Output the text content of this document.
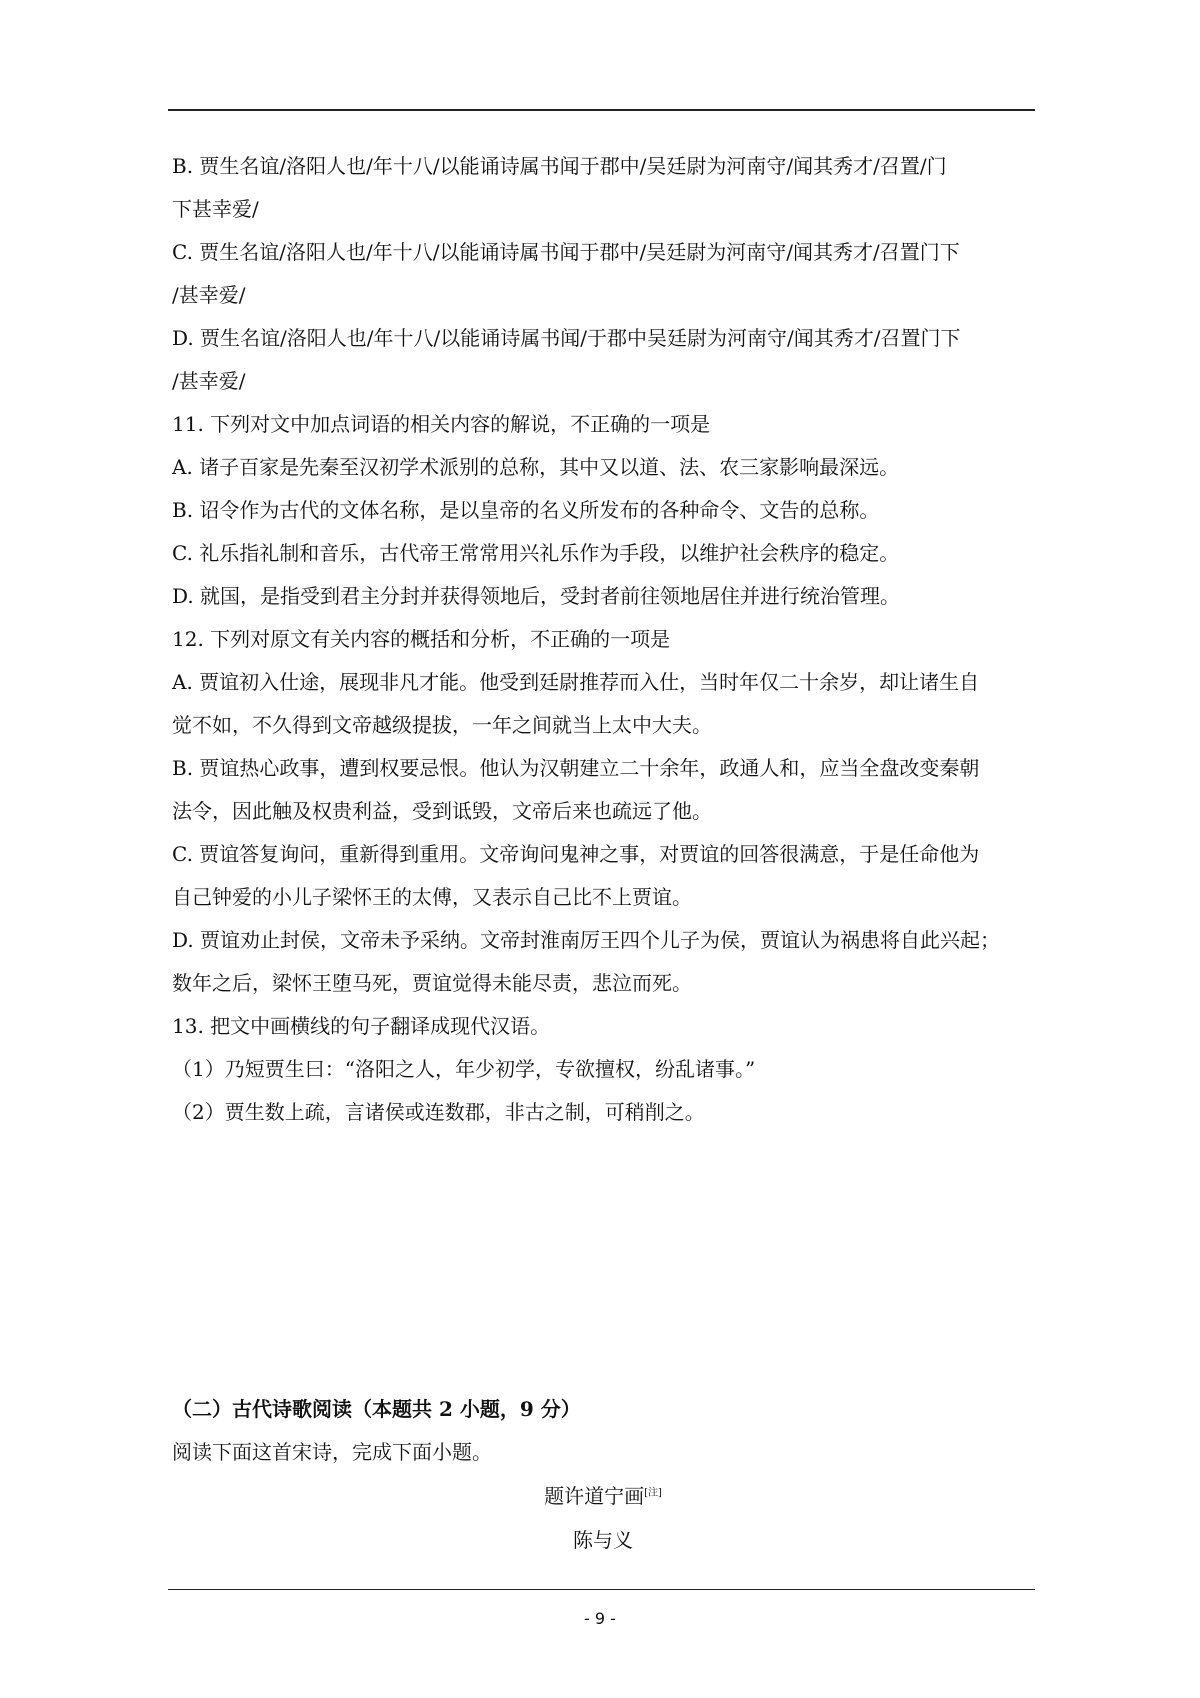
B. 贾生名谊/洛阳人也/年十八/以能诵诗属书闻于郡中/吴廷尉为河南守/闻其秀才/召置/门
下甚幸爱/
C. 贾生名谊/洛阳人也/年十八/以能诵诗属书闻于郡中/吴廷尉为河南守/闻其秀才/召置门下
/甚幸爱/
D. 贾生名谊/洛阳人也/年十八/以能诵诗属书闻/于郡中吴廷尉为河南守/闻其秀才/召置门下
/甚幸爱/
11. 下列对文中加点词语的相关内容的解说，不正确的一项是
A. 诸子百家是先秦至汉初学术派别的总称，其中又以道、法、农三家影响最深远。
B. 诏令作为古代的文体名称，是以皇帝的名义所发布的各种命令、文告的总称。
C. 礼乐指礼制和音乐，古代帝王常常用兴礼乐作为手段，以维护社会秩序的稳定。
D. 就国，是指受到君主分封并获得领地后，受封者前往领地居住并进行统治管理。
12. 下列对原文有关内容的概括和分析，不正确的一项是
A. 贾谊初入仕途，展现非凡才能。他受到廷尉推荐而入仕，当时年仅二十余岁，却让诸生自
觉不如，不久得到文帝越级提拔，一年之间就当上太中大夫。
B. 贾谊热心政事，遭到权要忌恨。他认为汉朝建立二十余年，政通人和，应当全盘改变秦朝
法令，因此触及权贵利益，受到诋毁，文帝后来也疏远了他。
C. 贾谊答复询问，重新得到重用。文帝询问鬼神之事，对贾谊的回答很满意，于是任命他为
自己钟爱的小儿子梁怀王的太傅，又表示自己比不上贾谊。
D. 贾谊劝止封侯，文帝未予采纳。文帝封淮南厉王四个儿子为侯，贾谊认为祸患将自此兴起；
数年之后，梁怀王堕马死，贾谊觉得未能尽责，悲泣而死。
13. 把文中画横线的句子翻译成现代汉语。
（1）乃短贾生曰：“洛阳之人，年少初学，专欲擅权，纷乱诸事。”
（2）贾生数上疏，言诸侯或连数郡，非古之制，可稍削之。
（二）古代诗歌阅读（本题共 2 小题，9 分）
阅读下面这首宋诗，完成下面小题。
题许道宁画[注]
陈与义
- 9 -
